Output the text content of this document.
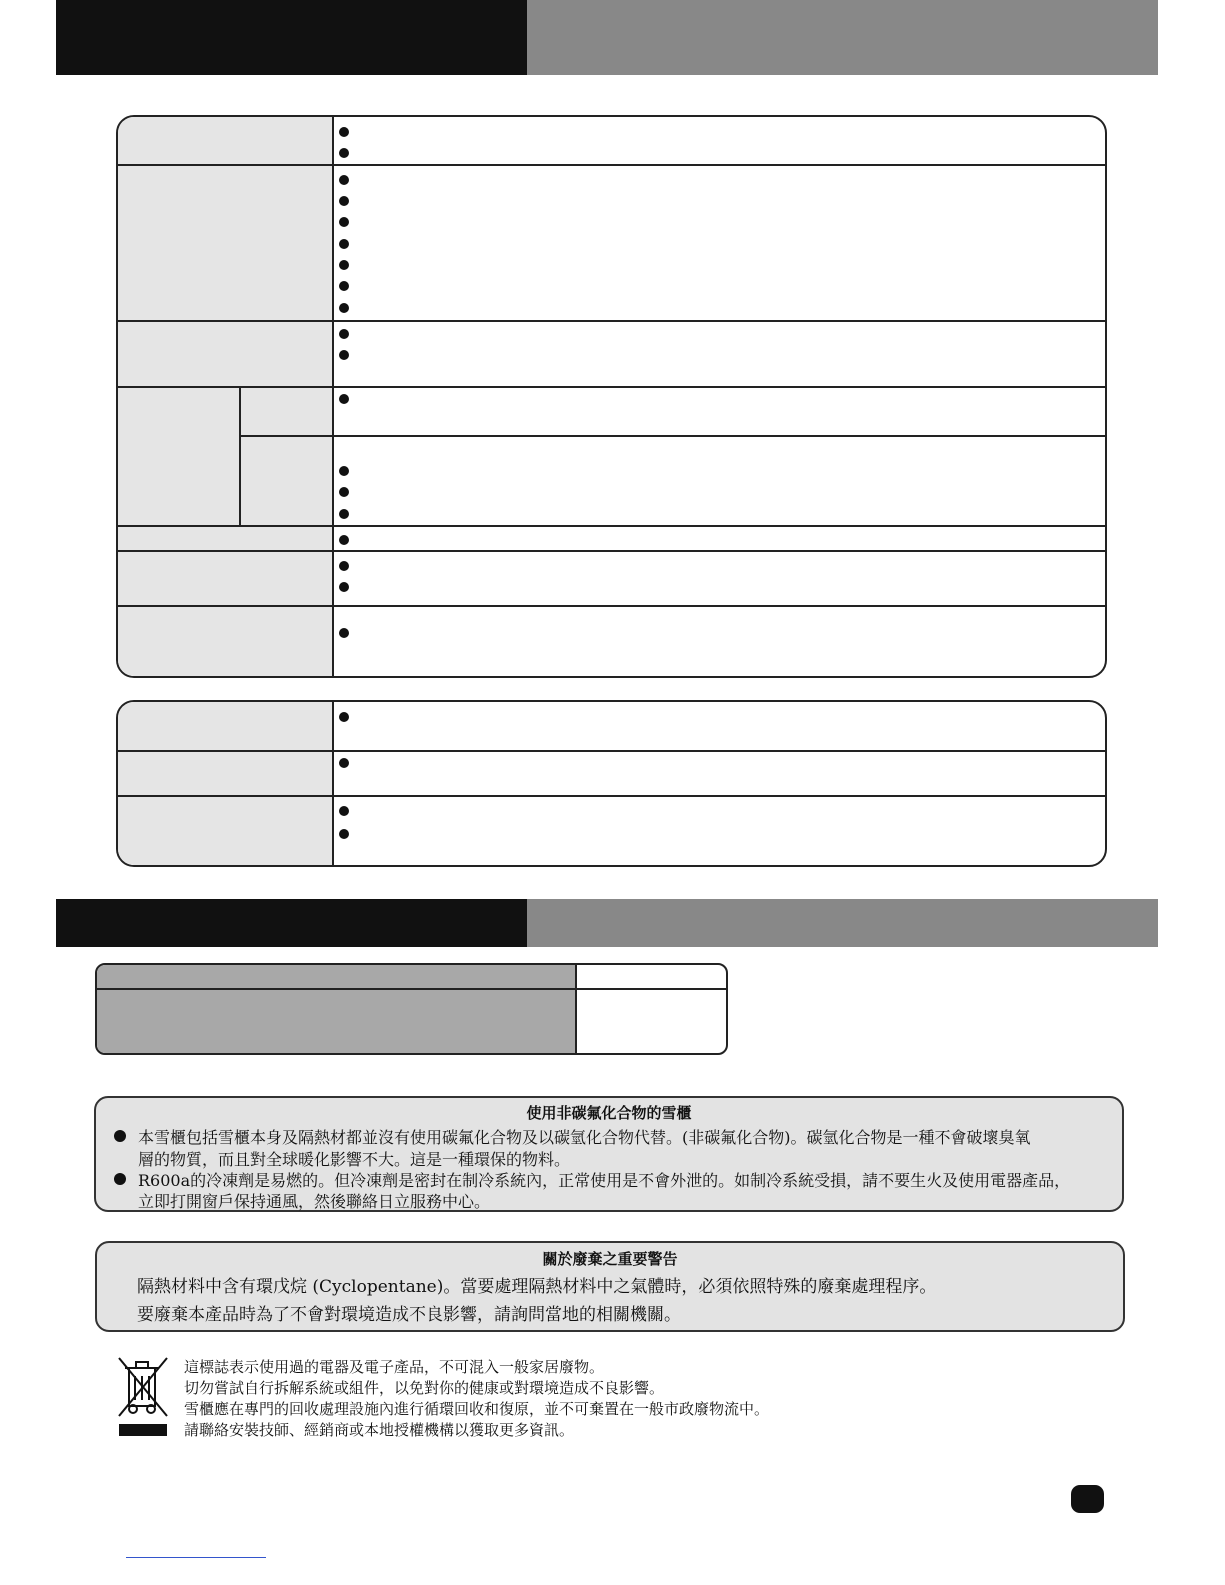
使用非碳氟化合物的雪櫃
本雪櫃包括雪櫃本身及隔熱材都並沒有使用碳氟化合物及以碳氫化合物代替。(非碳氟化合物)。碳氫化合物是一種不會破壞臭氧
層的物質，而且對全球暖化影響不大。這是一種環保的物料。
R600a的冷凍劑是易燃的。但冷凍劑是密封在制冷系統內，正常使用是不會外泄的。如制冷系統受損，請不要生火及使用電器產品，
立即打開窗戶保持通風，然後聯絡日立服務中心。
關於廢棄之重要警告
隔熱材料中含有環戊烷 (Cyclopentane)。當要處理隔熱材料中之氣體時，必須依照特殊的廢棄處理程序。
要廢棄本產品時為了不會對環境造成不良影響，請詢問當地的相關機關。
這標誌表示使用過的電器及電子產品，不可混入一般家居廢物。
切勿嘗試自行拆解系統或組件，以免對你的健康或對環境造成不良影響。
雪櫃應在專門的回收處理設施內進行循環回收和復原，並不可棄置在一般市政廢物流中。
請聯絡安裝技師、經銷商或本地授權機構以獲取更多資訊。
